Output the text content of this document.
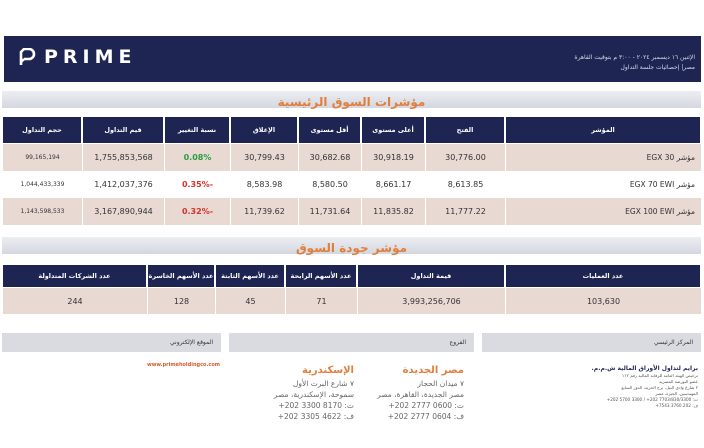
PRIME	الإثنين ١٦ ديسمبر ٢٠٢٤ - ٣:٠٠ م بتوقيت القاهرة
مصر| إحصائيات جلسة التداول
مؤشرات السوق الرئيسية
المؤشر	الفتح	أعلى مستوى	أقل مستوى	الإغلاق	نسبة التغيير	قيم التداول	حجم التداول
مؤشر EGX 30	30,776.00	30,918.19	30,682.68	30,799.43	0.08%	1,755,853,568	99,165,194
مؤشر EGX 70 EWI	8,613.85	8,661.17	8,580.50	8,583.98	-0.35%	1,412,037,376	1,044,433,339
مؤشر EGX 100 EWI	11,777.22	11,835.82	11,731.64	11,739.62	-0.32%	3,167,890,944	1,143,598,533
مؤشر جودة السوق
عدد العمليات	قيمة التداول	عدد الأسهم الرابحة	عدد الأسهم الثابتة	عدد الأسهم الخاسرة	عدد الشركات المتداولة
103,630	3,993,256,706	71	45	128	244
المركز الرئيسي
الفروع
الموقع الإلكتروني
www.primeholdingco.com	الإسكندرية
٧ شارع البرت الأول
سموحة، الإسكندرية، مصر
ت: 8170 3300 202+
ف: 4622 3305 202+
مصر الجديدة
٧ ميدان الحجاز
مصر الجديدة، القاهرة، مصر
ت: 0600 2777 202+
ف: 0604 2777 202+
برايم لتداول الأوراق المالية ش.م.م.
ترخيص الهيئة العامة للرقابة المالية رقم ١١٢
عضو البورصة المصرية
٢ شارع وادي النيل، برج الحرية، الدور السابع
المهندسين، الجيزة، مصر
ت: 7703/830/3300 202+ / 3300 5700 202+
ف: 202 3760 7543+
